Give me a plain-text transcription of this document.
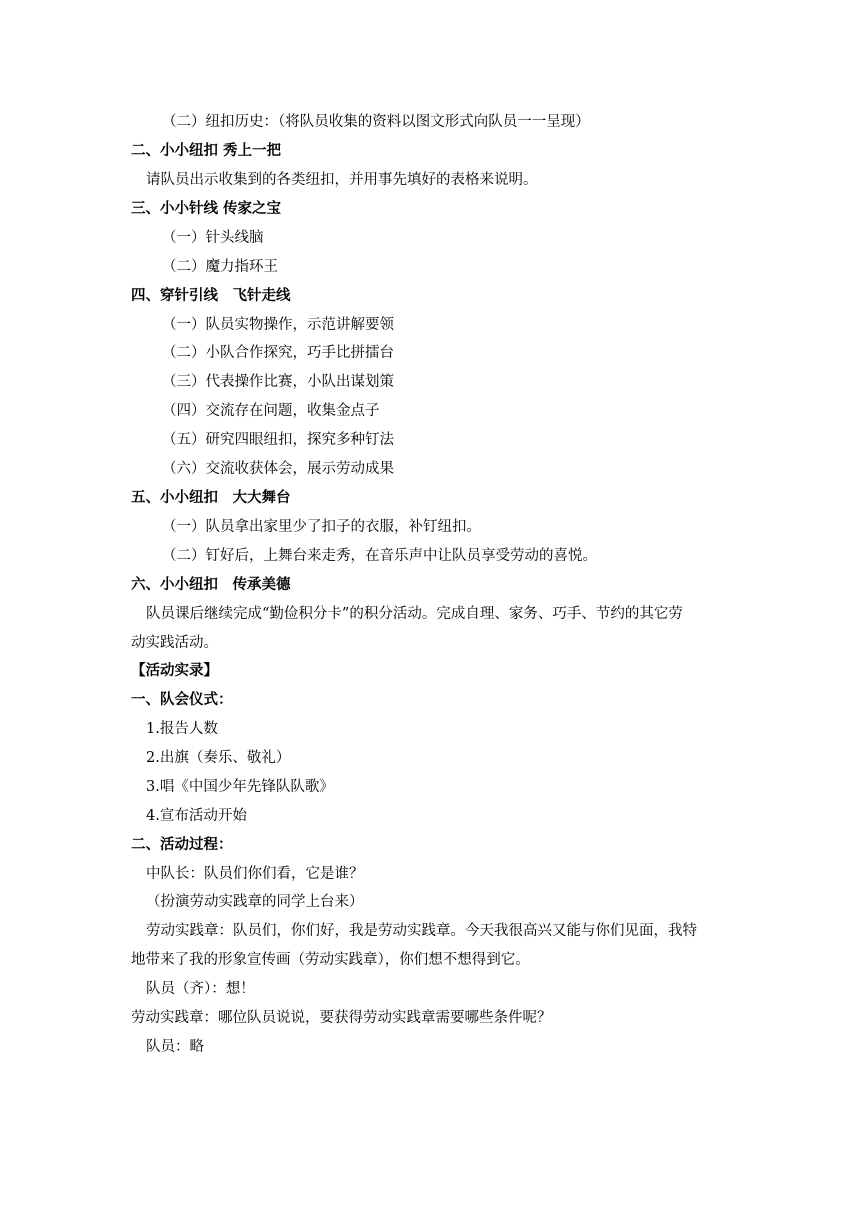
（二）纽扣历史：（将队员收集的资料以图文形式向队员一一呈现）
二、小小纽扣 秀上一把
请队员出示收集到的各类纽扣，并用事先填好的表格来说明。
三、小小针线 传家之宝
（一）针头线脑
（二）魔力指环王
四、穿针引线　飞针走线
（一）队员实物操作，示范讲解要领
（二）小队合作探究，巧手比拼擂台
（三）代表操作比赛，小队出谋划策
（四）交流存在问题，收集金点子
（五）研究四眼纽扣，探究多种钉法
（六）交流收获体会，展示劳动成果
五、小小纽扣　大大舞台
（一）队员拿出家里少了扣子的衣服，补钉纽扣。
（二）钉好后，上舞台来走秀，在音乐声中让队员享受劳动的喜悦。
六、小小纽扣　传承美德
队员课后继续完成“勤俭积分卡”的积分活动。完成自理、家务、巧手、节约的其它劳
动实践活动。
【活动实录】
一、队会仪式：
1.报告人数
2.出旗（奏乐、敬礼）
3.唱《中国少年先锋队队歌》
4.宣布活动开始
二、活动过程：
中队长：队员们你们看，它是谁？
（扮演劳动实践章的同学上台来）
劳动实践章：队员们，你们好，我是劳动实践章。今天我很高兴又能与你们见面，我特
地带来了我的形象宣传画（劳动实践章），你们想不想得到它。
队员（齐）：想！
劳动实践章：哪位队员说说，要获得劳动实践章需要哪些条件呢？
队员：略
